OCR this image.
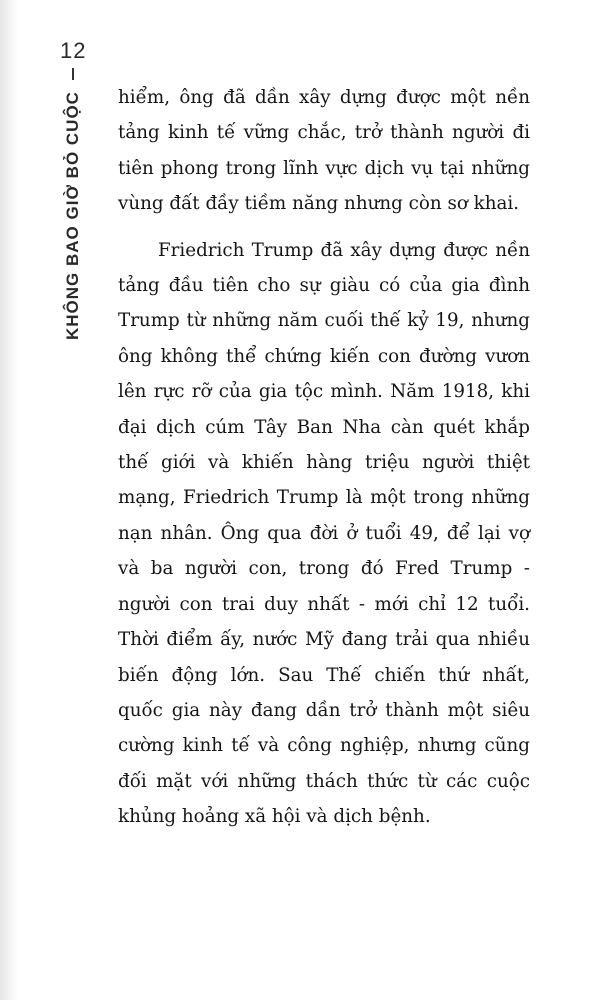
12
KHÔNG BAO GIỜ BỎ CUỘC hiểm, ông đã dần xây dựng được một nền tảng kinh tế vững chắc, trở thành người đi tiên phong trong lĩnh vực dịch vụ tại những vùng đất đầy tiềm năng nhưng còn sơ khai.

Friedrich Trump đã xây dựng được nền tảng đầu tiên cho sự giàu có của gia đình Trump từ những năm cuối thế kỷ 19, nhưng ông không thể chứng kiến con đường vươn lên rực rỡ của gia tộc mình. Năm 1918, khi đại dịch cúm Tây Ban Nha càn quét khắp thế giới và khiến hàng triệu người thiệt mạng, Friedrich Trump là một trong những nạn nhân. Ông qua đời ở tuổi 49, để lại vợ và ba người con, trong đó Fred Trump - người con trai duy nhất - mới chỉ 12 tuổi. Thời điểm ấy, nước Mỹ đang trải qua nhiều biến động lớn. Sau Thế chiến thứ nhất, quốc gia này đang dần trở thành một siêu cường kinh tế và công nghiệp, nhưng cũng đối mặt với những thách thức từ các cuộc khủng hoảng xã hội và dịch bệnh.
